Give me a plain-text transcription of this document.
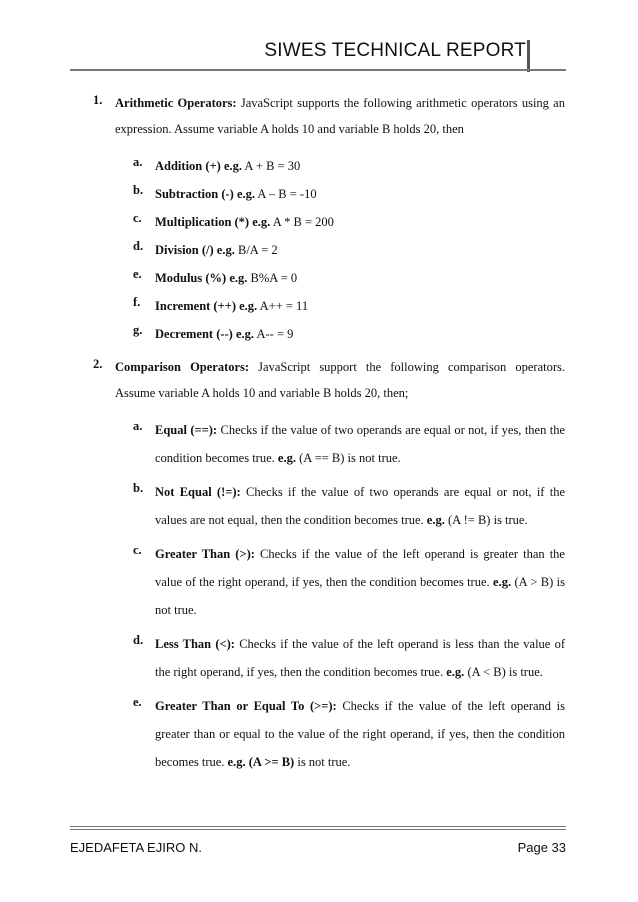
SIWES TECHNICAL REPORT
1. Arithmetic Operators: JavaScript supports the following arithmetic operators using an expression. Assume variable A holds 10 and variable B holds 20, then

a. Addition (+) e.g. A + B = 30

b. Subtraction (-) e.g. A – B = -10

c. Multiplication (*) e.g. A * B = 200

d. Division (/) e.g. B/A = 2

e. Modulus (%) e.g. B%A = 0

f. Increment (++) e.g. A++ = 11

g. Decrement (--) e.g. A-- = 9

2. Comparison Operators: JavaScript support the following comparison operators. Assume variable A holds 10 and variable B holds 20, then;

a. Equal (==): Checks if the value of two operands are equal or not, if yes, then the condition becomes true. e.g. (A == B) is not true.

b. Not Equal (!=): Checks if the value of two operands are equal or not, if the values are not equal, then the condition becomes true. e.g. (A != B) is true.

c. Greater Than (>): Checks if the value of the left operand is greater than the value of the right operand, if yes, then the condition becomes true. e.g. (A > B) is not true.

d. Less Than (<): Checks if the value of the left operand is less than the value of the right operand, if yes, then the condition becomes true. e.g. (A < B) is true.

e. Greater Than or Equal To (>=): Checks if the value of the left operand is greater than or equal to the value of the right operand, if yes, then the condition becomes true. e.g. (A >= B) is not true.

EJEDAFETA EJIRO N.	Page 33
